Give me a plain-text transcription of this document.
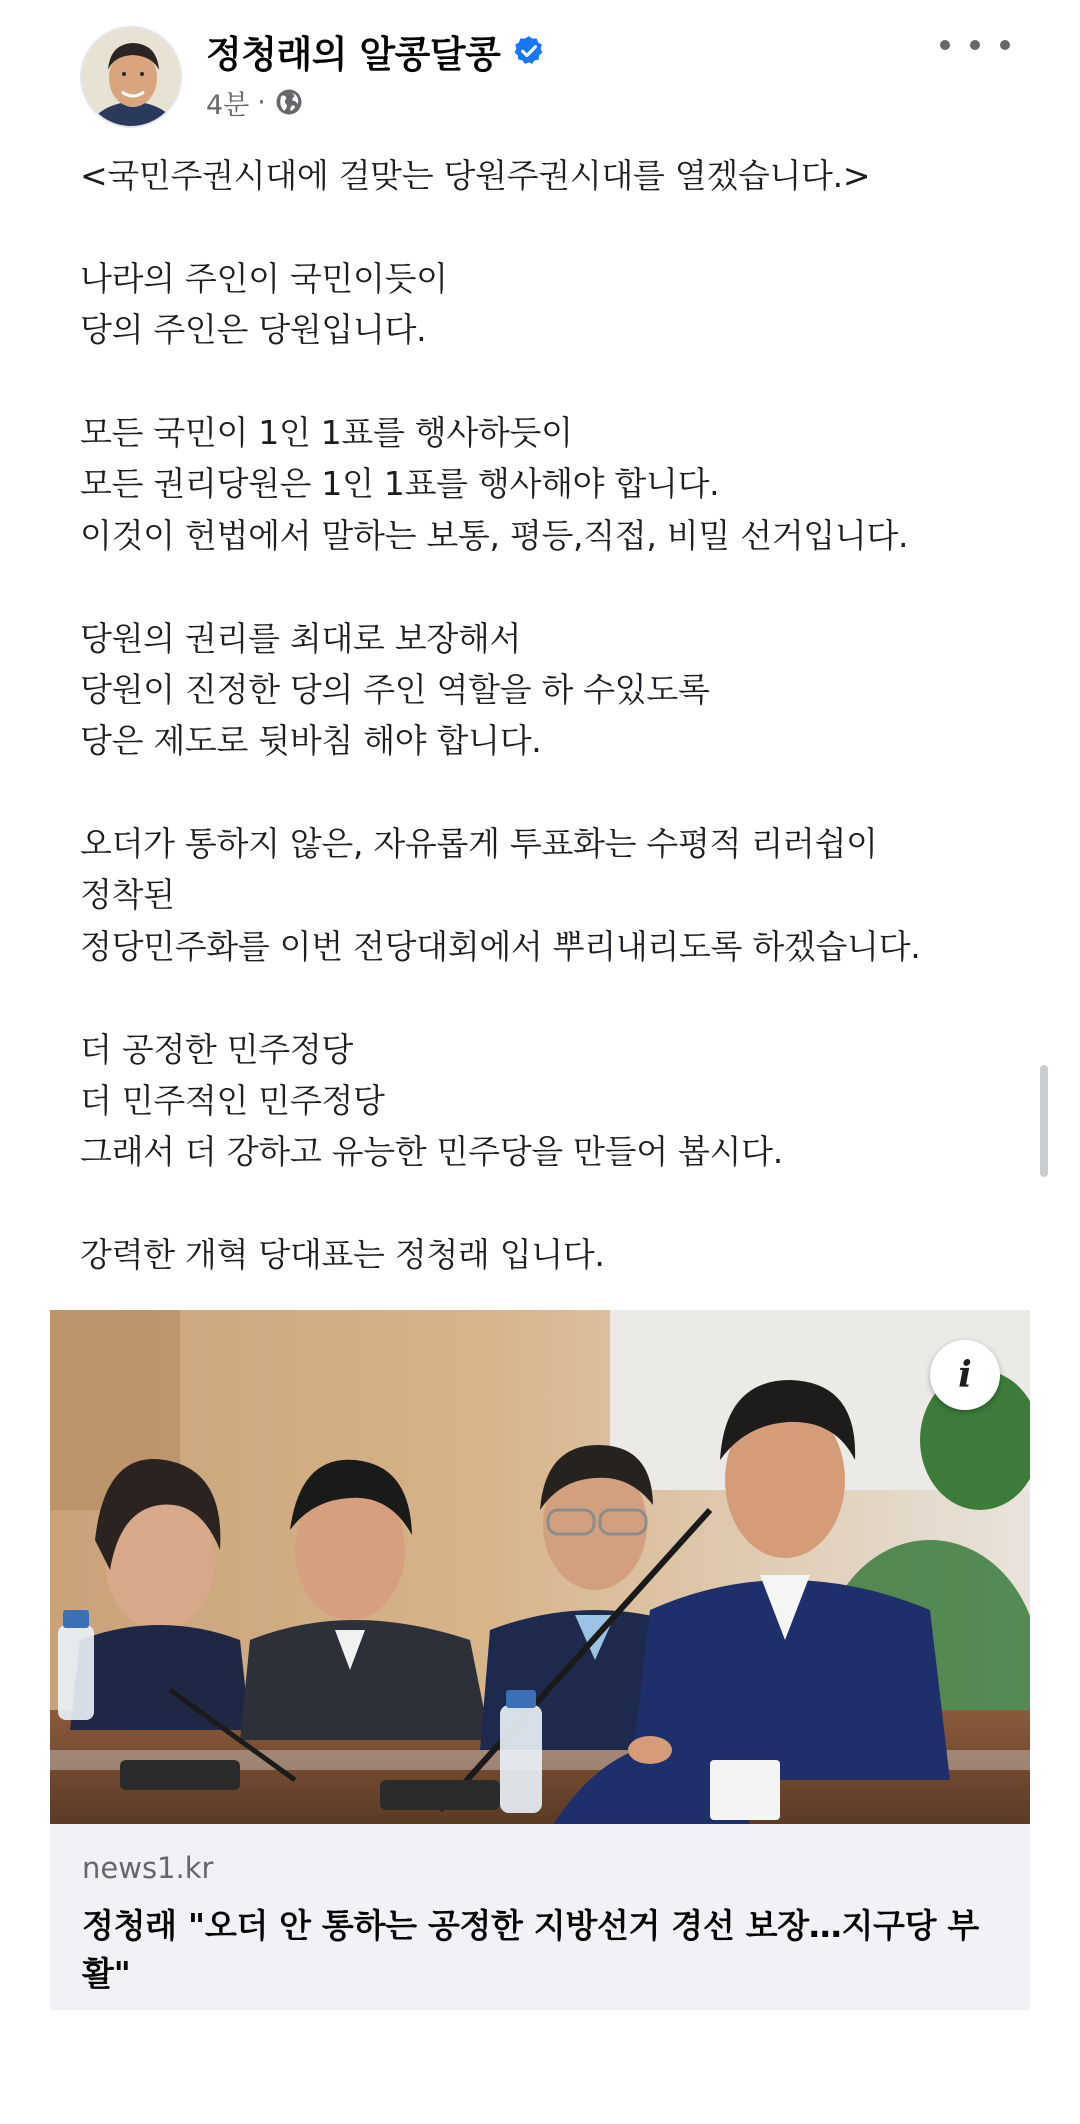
정청래의 알콩달콩
4분 ·
<국민주권시대에 걸맞는 당원주권시대를 열겠습니다.>
나라의 주인이 국민이듯이
당의 주인은 당원입니다.
모든 국민이 1인 1표를 행사하듯이
모든 권리당원은 1인 1표를 행사해야 합니다.
이것이 헌법에서 말하는 보통, 평등,직접, 비밀 선거입니다.
당원의 권리를 최대로 보장해서
당원이 진정한 당의 주인 역할을 하 수있도록
당은 제도로 뒷바침 해야 합니다.
오더가 통하지 않은, 자유롭게 투표화는 수평적 리러쉽이
정착된
정당민주화를 이번 전당대회에서 뿌리내리도록 하겠습니다.
더 공정한 민주정당
더 민주적인 민주정당
그래서 더 강하고 유능한 민주당을 만들어 봅시다.
강력한 개혁 당대표는 정청래 입니다.
i
news1.kr
정청래 "오더 안 통하는 공정한 지방선거 경선 보장…지구당 부활"
